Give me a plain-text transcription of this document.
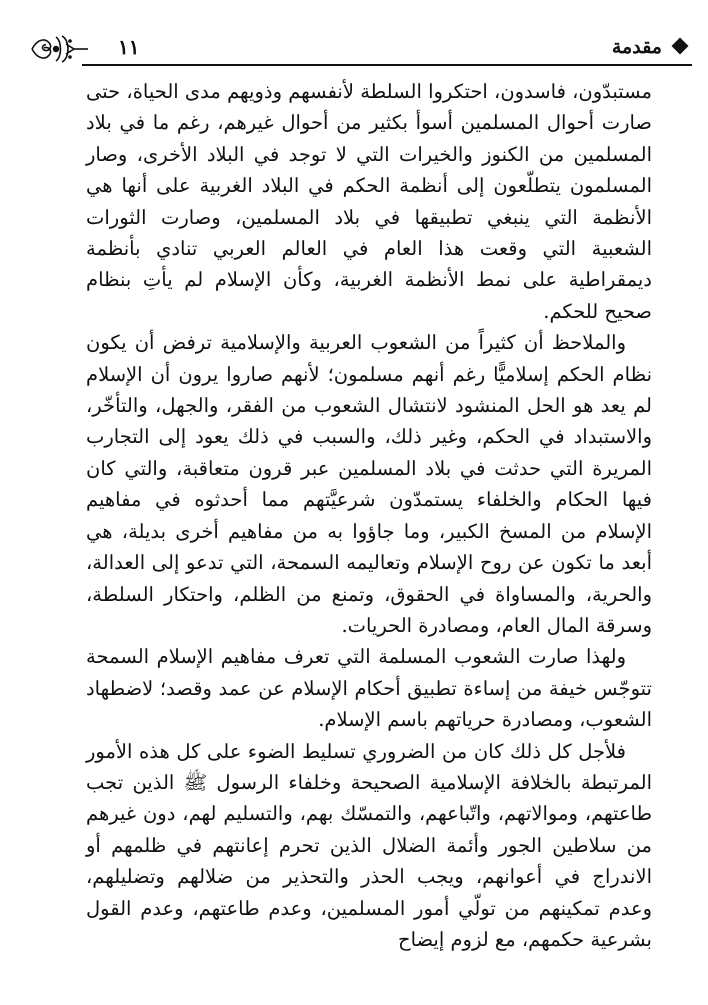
١١	مقدمة

مستبدّون، فاسدون، احتكروا السلطة لأنفسهم وذويهم مدى الحياة، حتى صارت أحوال المسلمين أسوأ بكثير من أحوال غيرهم، رغم ما في بلاد المسلمين من الكنوز والخيرات التي لا توجد في البلاد الأخرى، وصار المسلمون يتطلّعون إلى أنظمة الحكم في البلاد الغربية على أنها هي الأنظمة التي ينبغي تطبيقها في بلاد المسلمين، وصارت الثورات الشعبية التي وقعت هذا العام في العالم العربي تنادي بأنظمة ديمقراطية على نمط الأنظمة الغربية، وكأن الإسلام لم يأتِ بنظام صحيح للحكم.

والملاحظ أن كثيراً من الشعوب العربية والإسلامية ترفض أن يكون نظام الحكم إسلاميًّا رغم أنهم مسلمون؛ لأنهم صاروا يرون أن الإسلام لم يعد هو الحل المنشود لانتشال الشعوب من الفقر، والجهل، والتأخّر، والاستبداد في الحكم، وغير ذلك، والسبب في ذلك يعود إلى التجارب المريرة التي حدثت في بلاد المسلمين عبر قرون متعاقبة، والتي كان فيها الحكام والخلفاء يستمدّون شرعيَّتهم مما أحدثوه في مفاهيم الإسلام من المسخ الكبير، وما جاؤوا به من مفاهيم أخرى بديلة، هي أبعد ما تكون عن روح الإسلام وتعاليمه السمحة، التي تدعو إلى العدالة، والحرية، والمساواة في الحقوق، وتمنع من الظلم، واحتكار السلطة، وسرقة المال العام، ومصادرة الحريات.

ولهذا صارت الشعوب المسلمة التي تعرف مفاهيم الإسلام السمحة تتوجّس خيفة من إساءة تطبيق أحكام الإسلام عن عمد وقصد؛ لاضطهاد الشعوب، ومصادرة حرياتهم باسم الإسلام.

فلأجل كل ذلك كان من الضروري تسليط الضوء على كل هذه الأمور المرتبطة بالخلافة الإسلامية الصحيحة وخلفاء الرسول ﷺ الذين تجب طاعتهم، وموالاتهم، واتّباعهم، والتمسّك بهم، والتسليم لهم، دون غيرهم من سلاطين الجور وأئمة الضلال الذين تحرم إعانتهم في ظلمهم أو الاندراج في أعوانهم، ويجب الحذر والتحذير من ضلالهم وتضليلهم، وعدم تمكينهم من تولّي أمور المسلمين، وعدم طاعتهم، وعدم القول بشرعية حكمهم، مع لزوم إيضاح
